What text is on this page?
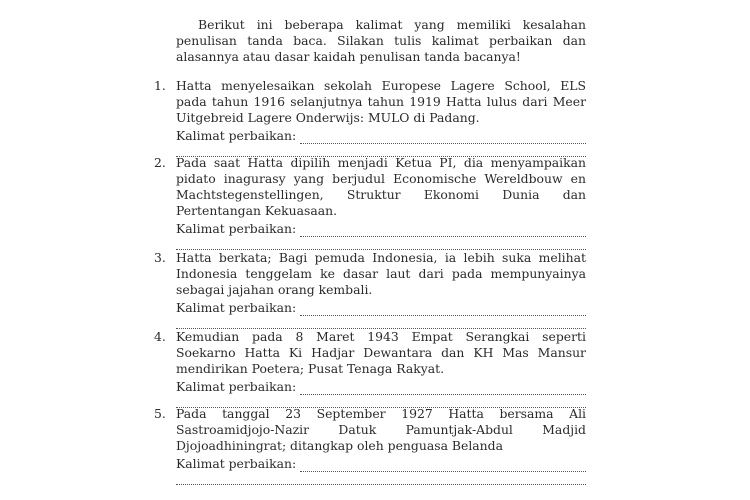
Berikut ini beberapa kalimat yang memiliki kesalahan penulisan tanda baca. Silakan tulis kalimat perbaikan dan alasannya atau dasar kaidah penulisan tanda bacanya!

1. Hatta menyelesaikan sekolah Europese Lagere School, ELS pada tahun 1916 selanjutnya tahun 1919 Hatta lulus dari Meer Uitgebreid Lagere Onderwijs: MULO di Padang.
Kalimat perbaikan:
2. Pada saat Hatta dipilih menjadi Ketua PI, dia menyampaikan pidato inagurasy yang berjudul Economische Wereldbouw en Machtstegenstellingen, Struktur Ekonomi Dunia dan Pertentangan Kekuasaan.
Kalimat perbaikan:
3. Hatta berkata; Bagi pemuda Indonesia, ia lebih suka melihat Indonesia tenggelam ke dasar laut dari pada mempunyainya sebagai jajahan orang kembali.
Kalimat perbaikan:
4. Kemudian pada 8 Maret 1943 Empat Serangkai seperti Soekarno Hatta Ki Hadjar Dewantara dan KH Mas Mansur mendirikan Poetera; Pusat Tenaga Rakyat.
Kalimat perbaikan:
5. Pada tanggal 23 September 1927 Hatta bersama Ali Sastroamidjojo-Nazir Datuk Pamuntjak-Abdul Madjid Djojoadhiningrat; ditangkap oleh penguasa Belanda
Kalimat perbaikan:
